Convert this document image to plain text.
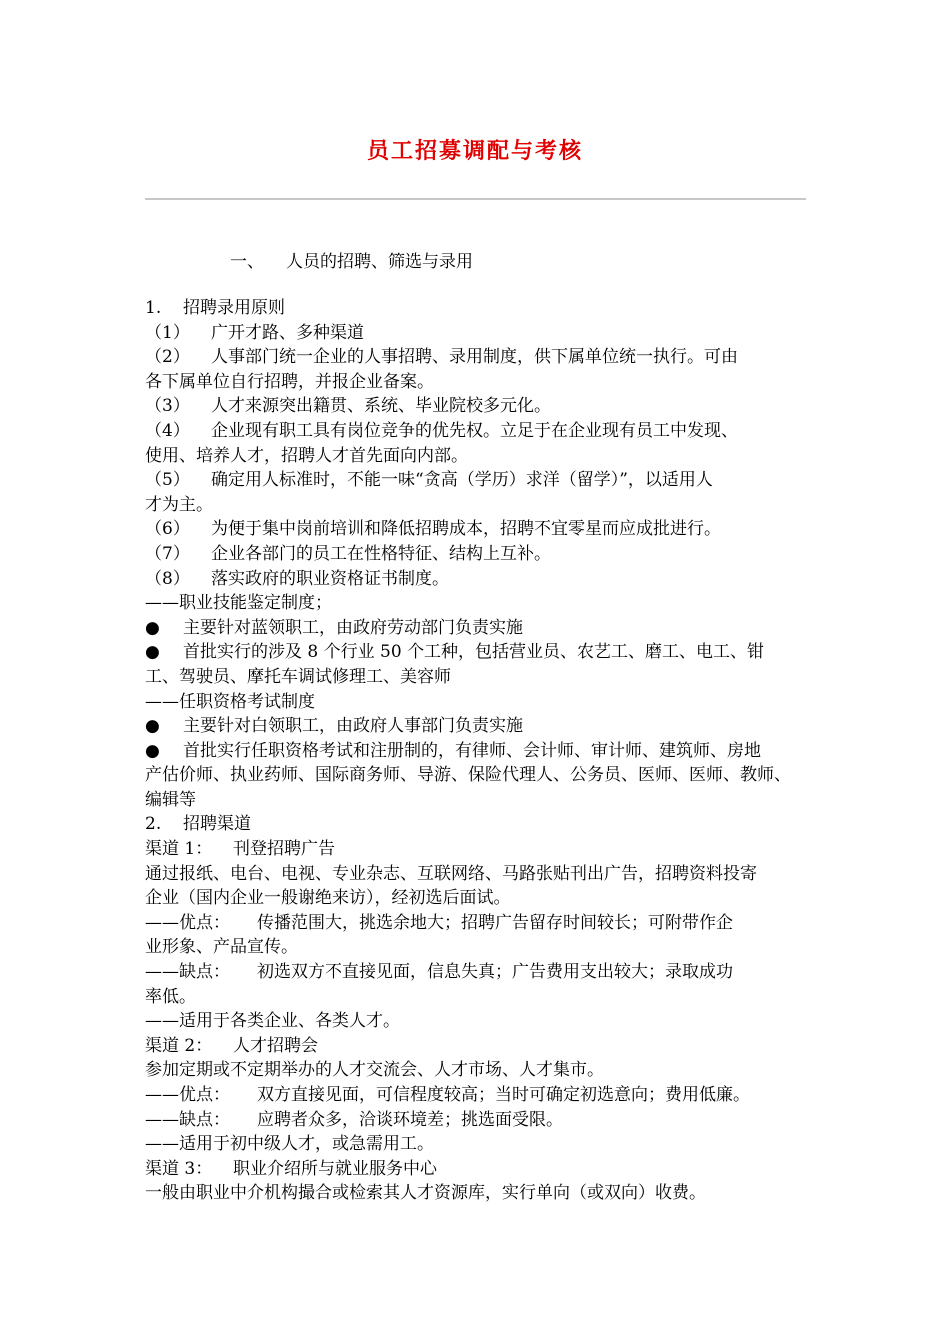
员工招募调配与考核
一、 人员的招聘、筛选与录用
1. 招聘录用原则
（1） 广开才路、多种渠道
（2） 人事部门统一企业的人事招聘、录用制度，供下属单位统一执行。可由
各下属单位自行招聘，并报企业备案。
（3） 人才来源突出籍贯、系统、毕业院校多元化。
（4） 企业现有职工具有岗位竞争的优先权。立足于在企业现有员工中发现、
使用、培养人才，招聘人才首先面向内部。
（5） 确定用人标准时，不能一味“贪高（学历）求洋（留学）”，以适用人
才为主。
（6） 为便于集中岗前培训和降低招聘成本，招聘不宜零星而应成批进行。
（7） 企业各部门的员工在性格特征、结构上互补。
（8） 落实政府的职业资格证书制度。
——职业技能鉴定制度；
● 主要针对蓝领职工，由政府劳动部门负责实施
● 首批实行的涉及 8 个行业 50 个工种，包括营业员、农艺工、磨工、电工、钳
工、驾驶员、摩托车调试修理工、美容师
——任职资格考试制度
● 主要针对白领职工，由政府人事部门负责实施
● 首批实行任职资格考试和注册制的，有律师、会计师、审计师、建筑师、房地
产估价师、执业药师、国际商务师、导游、保险代理人、公务员、医师、医师、教师、
编辑等
2. 招聘渠道
渠道 1： 刊登招聘广告
通过报纸、电台、电视、专业杂志、互联网络、马路张贴刊出广告，招聘资料投寄
企业（国内企业一般谢绝来访），经初选后面试。
——优点： 传播范围大，挑选余地大；招聘广告留存时间较长；可附带作企
业形象、产品宣传。
——缺点： 初选双方不直接见面，信息失真；广告费用支出较大；录取成功
率低。
——适用于各类企业、各类人才。
渠道 2： 人才招聘会
参加定期或不定期举办的人才交流会、人才市场、人才集市。
——优点： 双方直接见面，可信程度较高；当时可确定初选意向；费用低廉。
——缺点： 应聘者众多，洽谈环境差；挑选面受限。
——适用于初中级人才，或急需用工。
渠道 3： 职业介绍所与就业服务中心
一般由职业中介机构撮合或检索其人才资源库，实行单向（或双向）收费。
